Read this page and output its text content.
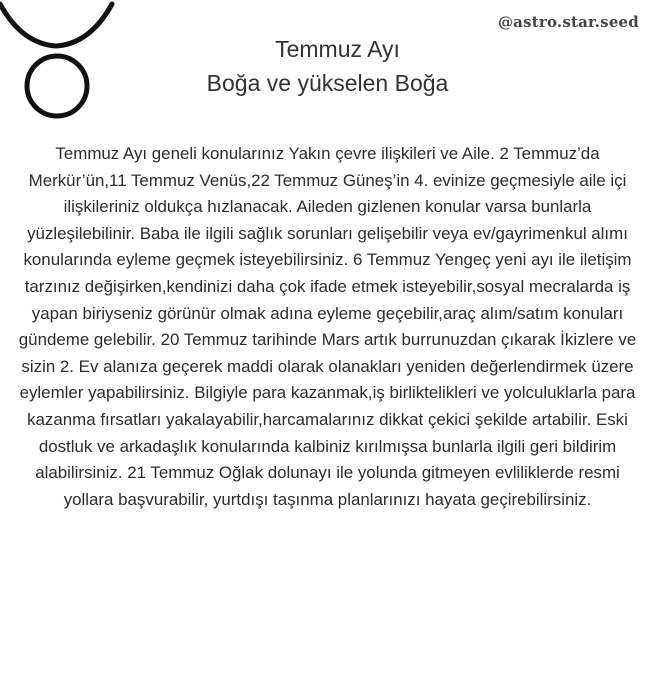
@astro.star.seed
Temmuz Ayı
Boğa ve yükselen Boğa

Temmuz Ayı geneli konularınız Yakın çevre ilişkileri ve Aile. 2 Temmuz’da Merkür’ün,11 Temmuz Venüs,22 Temmuz Güneş’in 4. evinize geçmesiyle aile içi ilişkileriniz oldukça hızlanacak. Aileden gizlenen konular varsa bunlarla yüzleşilebilinir. Baba ile ilgili sağlık sorunları gelişebilir veya ev/gayrimenkul alımı konularında eyleme geçmek isteyebilirsiniz. 6 Temmuz Yengeç yeni ayı ile iletişim tarzınız değişirken,kendinizi daha çok ifade etmek isteyebilir,sosyal mecralarda iş yapan biriyseniz görünür olmak adına eyleme geçebilir,araç alım/satım konuları gündeme gelebilir. 20 Temmuz tarihinde Mars artık burrunuzdan çıkarak İkizlere ve sizin 2. Ev alanıza geçerek maddi olarak olanakları yeniden değerlendirmek üzere eylemler yapabilirsiniz. Bilgiyle para kazanmak,iş birliktelikleri ve yolculuklarla para kazanma fırsatları yakalayabilir,harcamalarınız dikkat çekici şekilde artabilir. Eski dostluk ve arkadaşlık konularında kalbiniz kırılmışsa bunlarla ilgili geri bildirim alabilirsiniz. 21 Temmuz Oğlak dolunayı ile yolunda gitmeyen evliliklerde resmi yollara başvurabilir, yurtdışı taşınma planlarınızı hayata geçirebilirsiniz.
